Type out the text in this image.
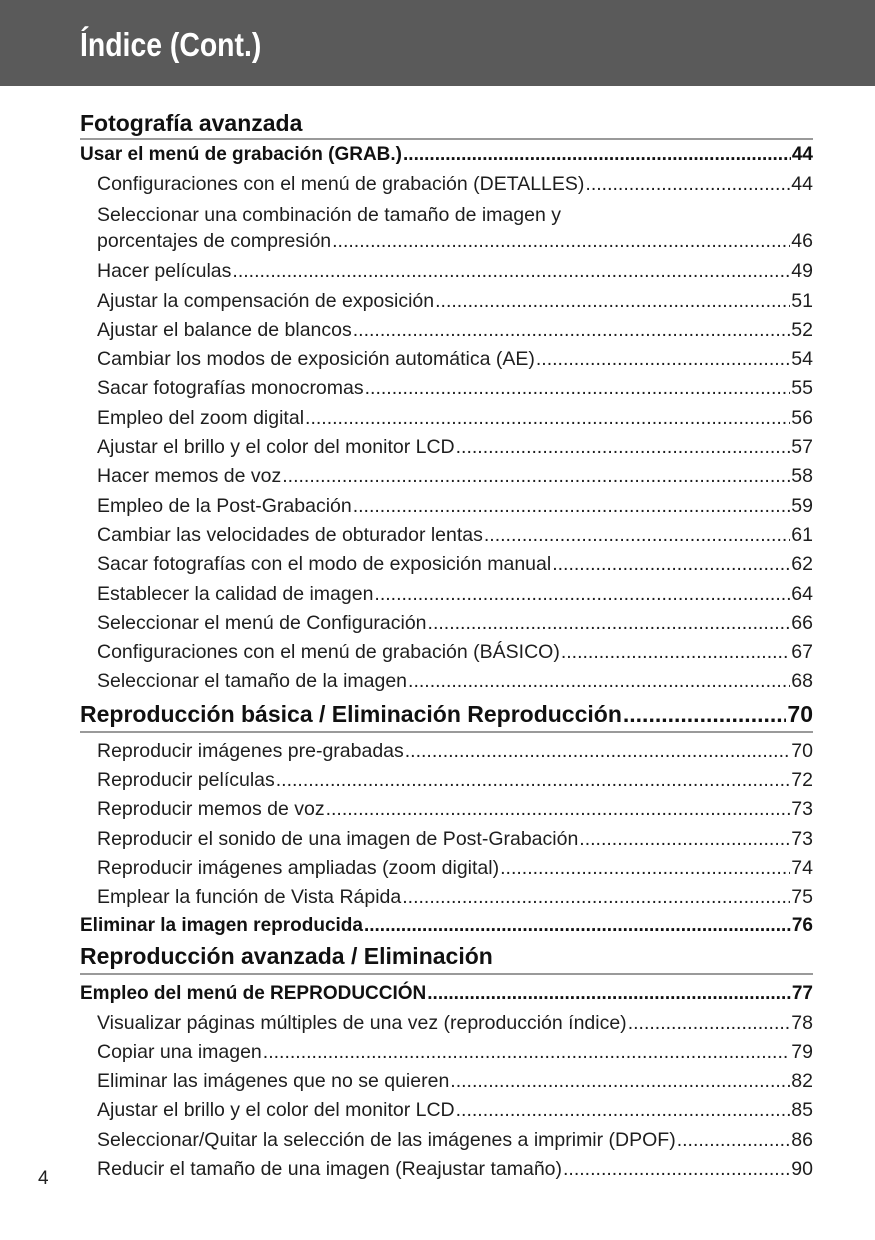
Índice (Cont.)
Fotografía avanzada
Usar el menú de grabación (GRAB.) .....	44
Configuraciones con el menú de grabación (DETALLES) .....	44
Seleccionar una combinación de tamaño de imagen y
porcentajes de compresión .....	46
Hacer películas .....	49
Ajustar la compensación de exposición .....	51
Ajustar el balance de blancos .....	52
Cambiar los modos de exposición automática (AE) .....	54
Sacar fotografías monocromas .....	55
Empleo del zoom digital .....	56
Ajustar el brillo y el color del monitor LCD .....	57
Hacer memos de voz .....	58
Empleo de la Post-Grabación .....	59
Cambiar las velocidades de obturador lentas .....	61
Sacar fotografías con el modo de exposición manual .....	62
Establecer la calidad de imagen .....	64
Seleccionar el menú de Configuración .....	66
Configuraciones con el menú de grabación (BÁSICO) .....	67
Seleccionar el tamaño de la imagen .....	68
Reproducción básica / Eliminación Reproducción .....	70
Reproducir imágenes pre-grabadas .....	70
Reproducir películas .....	72
Reproducir memos de voz .....	73
Reproducir el sonido de una imagen de Post-Grabación .....	73
Reproducir imágenes ampliadas (zoom digital) .....	74
Emplear la función de Vista Rápida .....	75
Eliminar la imagen reproducida .....	76
Reproducción avanzada / Eliminación
Empleo del menú de REPRODUCCIÓN .....	77
Visualizar páginas múltiples de una vez (reproducción índice) .....	78
Copiar una imagen .....	79
Eliminar las imágenes que no se quieren .....	82
Ajustar el brillo y el color del monitor LCD .....	85
Seleccionar/Quitar la selección de las imágenes a imprimir (DPOF) .....	86
Reducir el tamaño de una imagen (Reajustar tamaño) .....	90
4
